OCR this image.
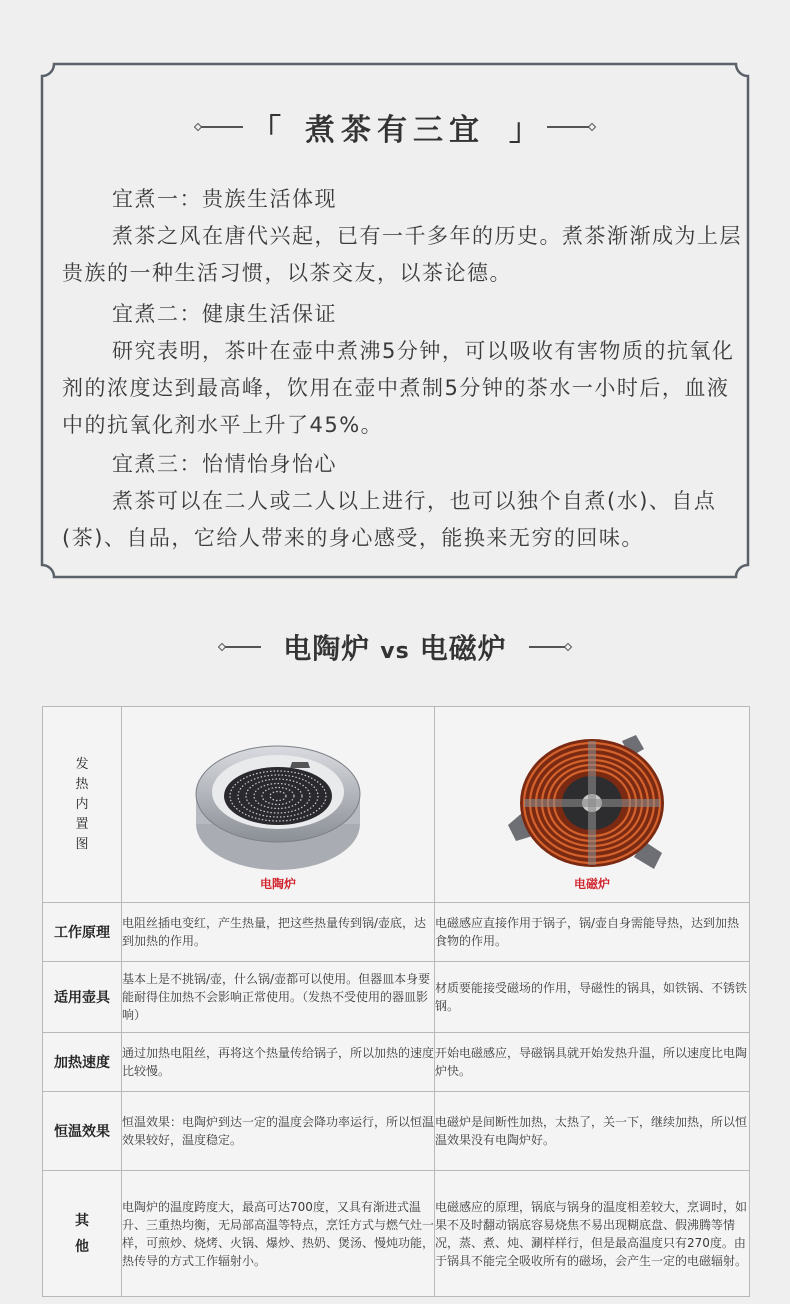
「 煮茶有三宜 」
宜煮一：贵族生活体现
煮茶之风在唐代兴起，已有一千多年的历史。煮茶渐渐成为上层贵族的一种生活习惯，以茶交友，以茶论德。
宜煮二：健康生活保证
研究表明，茶叶在壶中煮沸5分钟，可以吸收有害物质的抗氧化剂的浓度达到最高峰，饮用在壶中煮制5分钟的茶水一小时后，血液中的抗氧化剂水平上升了45%。
宜煮三：怡情怡身怡心
煮茶可以在二人或二人以上进行，也可以独个自煮(水)、自点(茶)、自品，它给人带来的身心感受，能换来无穷的回味。
电陶炉 vs 电磁炉
发热内置图	电陶炉	电磁炉

工作原理	电阻丝插电变红，产生热量，把这些热量传到锅/壶底，达到加热的作用。	电磁感应直接作用于锅子，锅/壶自身需能导热，达到加热食物的作用。
适用壶具	基本上是不挑锅/壶，什么锅/壶都可以使用。但器皿本身要能耐得住加热不会影响正常使用。（发热不受使用的器皿影响）	材质要能接受磁场的作用，导磁性的锅具，如铁锅、不锈铁钢。
加热速度	通过加热电阻丝，再将这个热量传给锅子，所以加热的速度比较慢。	开始电磁感应，导磁锅具就开始发热升温，所以速度比电陶炉快。
恒温效果	恒温效果：电陶炉到达一定的温度会降功率运行，所以恒温效果较好，温度稳定。	电磁炉是间断性加热，太热了，关一下，继续加热，所以恒温效果没有电陶炉好。

其他	电陶炉的温度跨度大，最高可达700度，又具有渐进式温升、三重热均衡，无局部高温等特点，烹饪方式与燃气灶一样，可煎炒、烧烤、火锅、爆炒、热奶、煲汤、慢炖功能， 热传导的方式工作辐射小。	电磁感应的原理，锅底与锅身的温度相差较大，烹调时，如果不及时翻动锅底容易烧焦不易出现糊底盘、假沸腾等情况，蒸、煮、炖、涮样样行，但是最高温度只有270度。由于锅具不能完全吸收所有的磁场，会产生一定的电磁辐射。
